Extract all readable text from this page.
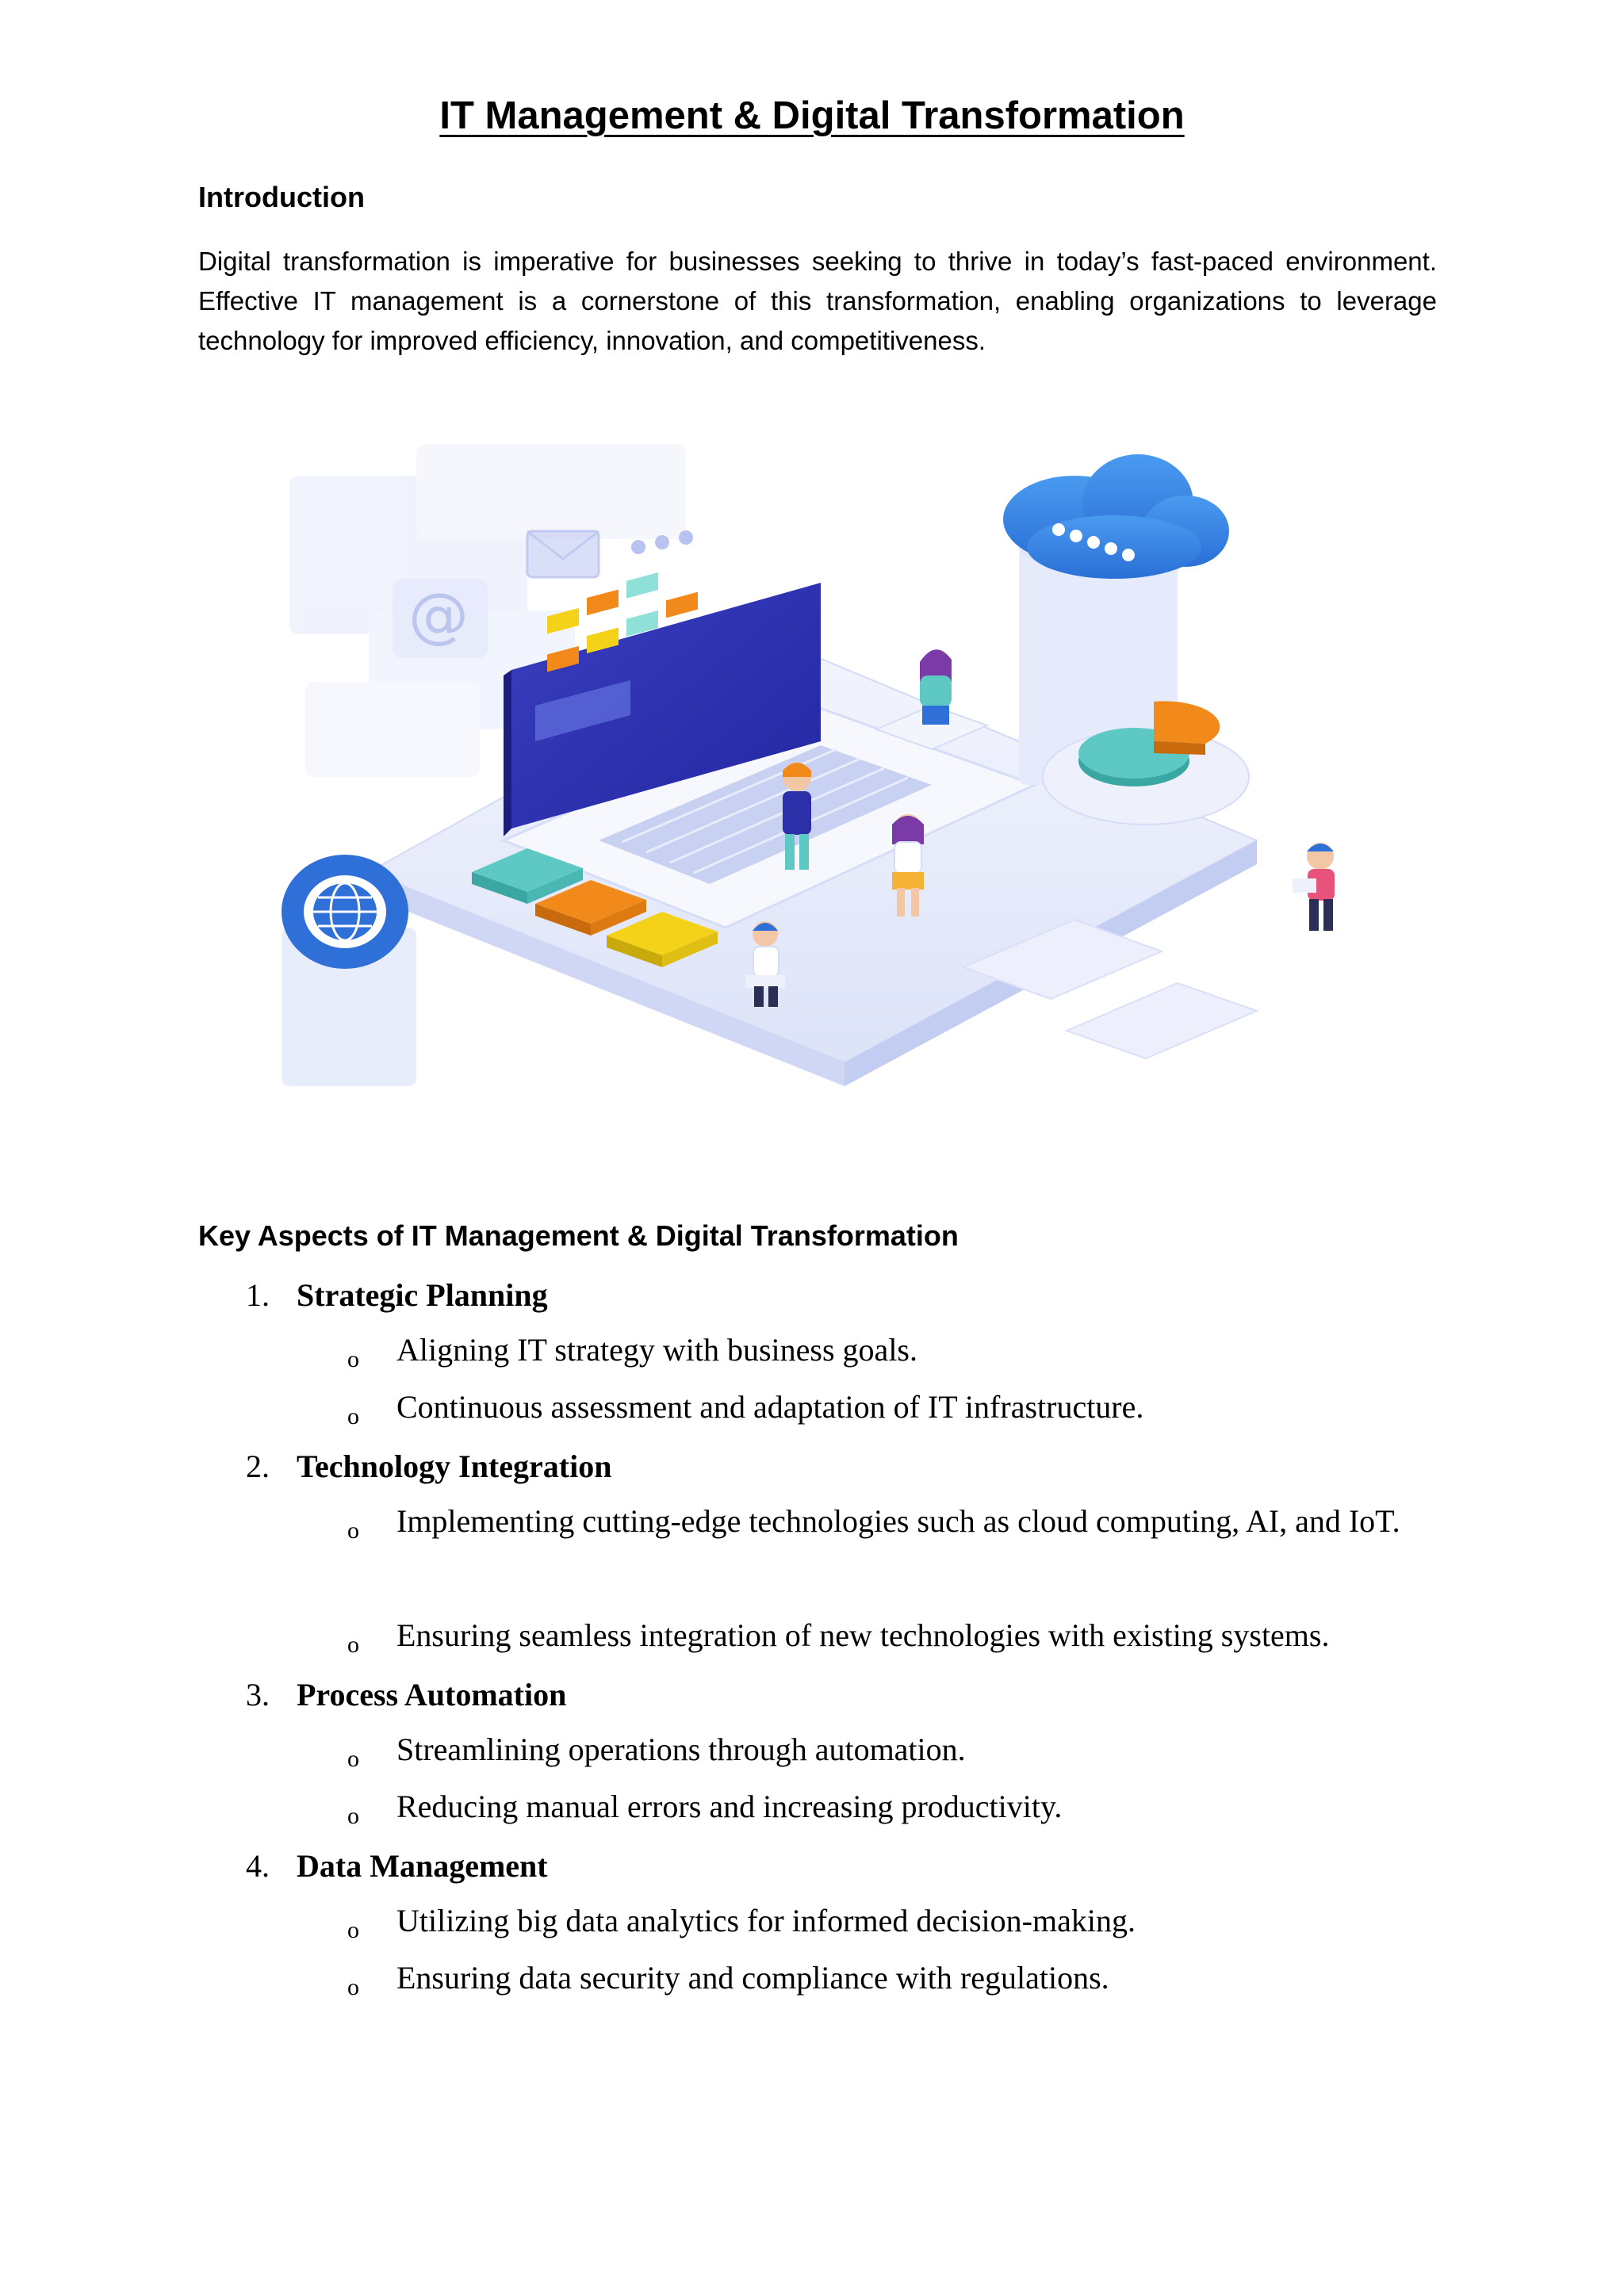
IT Management & Digital Transformation
Introduction

Digital transformation is imperative for businesses seeking to thrive in today’s fast-paced environment. Effective IT management is a cornerstone of this transformation, enabling organizations to leverage technology for improved efficiency, innovation, and competitiveness.

@
Key Aspects of IT Management & Digital Transformation
1. Strategic Planning
o Aligning IT strategy with business goals.
o Continuous assessment and adaptation of IT infrastructure.
2. Technology Integration
o Implementing cutting-edge technologies such as cloud computing, AI, and IoT.
o Ensuring seamless integration of new technologies with existing systems.
3. Process Automation
o Streamlining operations through automation.
o Reducing manual errors and increasing productivity.
4. Data Management
o Utilizing big data analytics for informed decision-making.
o Ensuring data security and compliance with regulations.
